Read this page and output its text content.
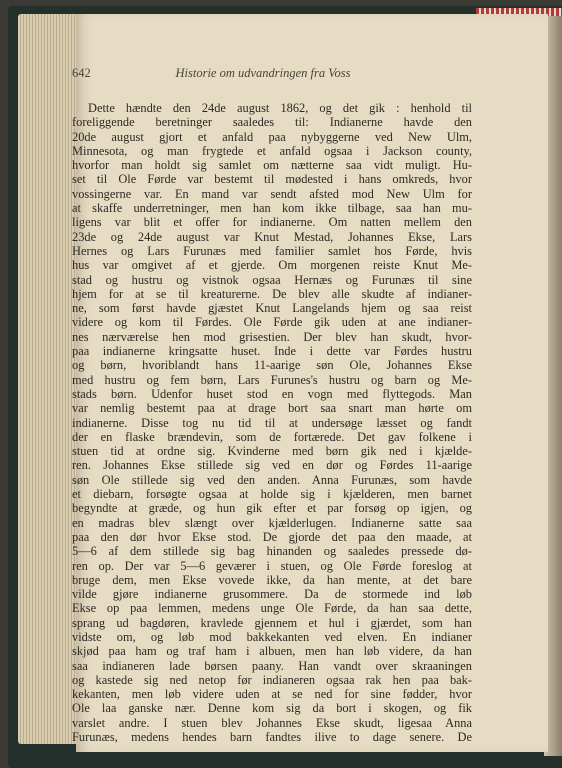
642	Historie om udvandringen fra Voss
Dette hændte den 24de august 1862, og det gik : henhold til
foreliggende beretninger saaledes til: Indianerne havde den
20de august gjort et anfald paa nybyggerne ved New Ulm,
Minnesota, og man frygtede et anfald ogsaa i Jackson county,
hvorfor man holdt sig samlet om nætterne saa vidt muligt. Hu-
set til Ole Førde var bestemt til mødested i hans omkreds, hvor
vossingerne var. En mand var sendt afsted mod New Ulm for
at skaffe underretninger, men han kom ikke tilbage, saa han mu-
ligens var blit et offer for indianerne. Om natten mellem den
23de og 24de august var Knut Mestad, Johannes Ekse, Lars
Hernes og Lars Furunæs med familier samlet hos Førde, hvis
hus var omgivet af et gjerde. Om morgenen reiste Knut Me-
stad og hustru og vistnok ogsaa Hernæs og Furunæs til sine
hjem for at se til kreaturerne. De blev alle skudte af indianer-
ne, som først havde gjæstet Knut Langelands hjem og saa reist
videre og kom til Førdes. Ole Førde gik uden at ane indianer-
nes nærværelse hen mod grisestien. Der blev han skudt, hvor-
paa indianerne kringsatte huset. Inde i dette var Førdes hustru
og børn, hvoriblandt hans 11-aarige søn Ole, Johannes Ekse
med hustru og fem børn, Lars Furunes's hustru og barn og Me-
stads børn. Udenfor huset stod en vogn med flyttegods. Man
var nemlig bestemt paa at drage bort saa snart man hørte om
indianerne. Disse tog nu tid til at undersøge læsset og fandt
der en flaske brændevin, som de fortærede. Det gav folkene i
stuen tid at ordne sig. Kvinderne med børn gik ned i kjælde-
ren. Johannes Ekse stillede sig ved en dør og Førdes 11-aarige
søn Ole stillede sig ved den anden. Anna Furunæs, som havde
et diebarn, forsøgte ogsaa at holde sig i kjælderen, men barnet
begyndte at græde, og hun gik efter et par forsøg op igjen, og
en madras blev slængt over kjælderlugen. Indianerne satte saa
paa den dør hvor Ekse stod. De gjorde det paa den maade, at
5—6 af dem stillede sig bag hinanden og saaledes pressede dø-
ren op. Der var 5—6 geværer i stuen, og Ole Førde foreslog at
bruge dem, men Ekse vovede ikke, da han mente, at det bare
vilde gjøre indianerne grusommere. Da de stormede ind løb
Ekse op paa lemmen, medens unge Ole Førde, da han saa dette,
sprang ud bagdøren, kravlede gjennem et hul i gjærdet, som han
vidste om, og løb mod bakkekanten ved elven. En indianer
skjød paa ham og traf ham i albuen, men han løb videre, da han
saa indianeren lade børsen paany. Han vandt over skraaningen
og kastede sig ned netop før indianeren ogsaa rak hen paa bak-
kekanten, men løb videre uden at se ned for sine fødder, hvor
Ole laa ganske nær. Denne kom sig da bort i skogen, og fik
varslet andre. I stuen blev Johannes Ekse skudt, ligesaa Anna
Furunæs, medens hendes barn fandtes ilive to dage senere. De
